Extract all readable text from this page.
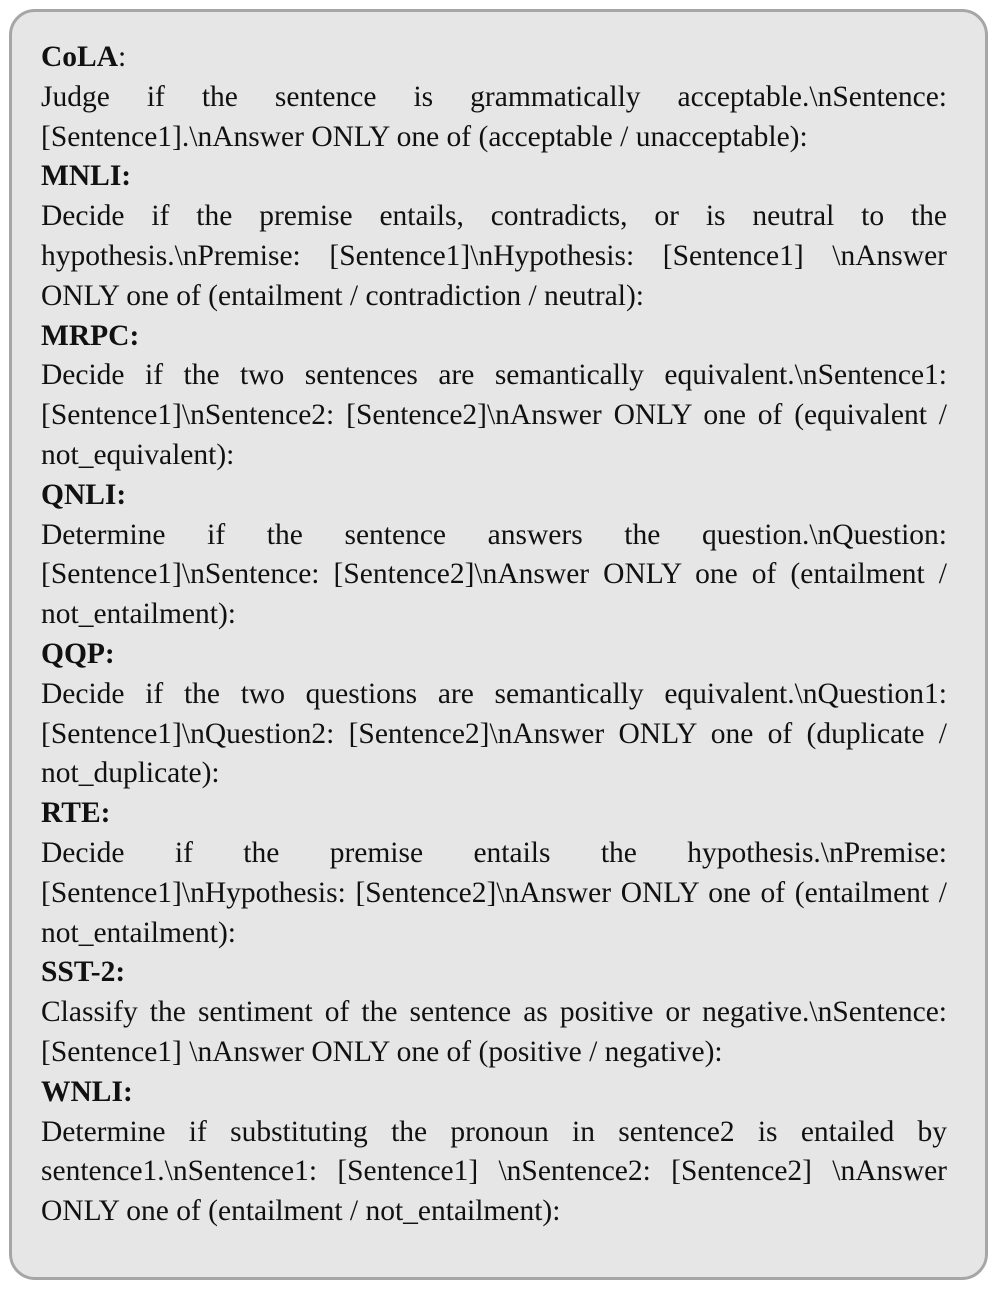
CoLA:
Judge if the sentence is grammatically acceptable.\nSentence: [Sentence1].\nAnswer ONLY one of (acceptable / unacceptable):
MNLI:
Decide if the premise entails, contradicts, or is neutral to the hypothesis.\nPremise: [Sentence1]\nHypothesis: [Sentence1] \nAnswer ONLY one of (entailment / contradiction / neutral):
MRPC:
Decide if the two sentences are semantically equivalent.\nSentence1: [Sentence1]\nSentence2: [Sentence2]\nAnswer ONLY one of (equivalent / not_equivalent):
QNLI:
Determine if the sentence answers the question.\nQuestion: [Sentence1]\nSentence: [Sentence2]\nAnswer ONLY one of (entailment / not_entailment):
QQP:
Decide if the two questions are semantically equivalent.\nQuestion1: [Sentence1]\nQuestion2: [Sentence2]\nAnswer ONLY one of (duplicate / not_duplicate):
RTE:
Decide if the premise entails the hypothesis.\nPremise: [Sentence1]\nHypothesis: [Sentence2]\nAnswer ONLY one of (entailment / not_entailment):
SST-2:
Classify the sentiment of the sentence as positive or negative.\nSentence: [Sentence1] \nAnswer ONLY one of (positive / negative):
WNLI:
Determine if substituting the pronoun in sentence2 is entailed by sentence1.\nSentence1: [Sentence1] \nSentence2: [Sentence2] \nAnswer ONLY one of (entailment / not_entailment):
